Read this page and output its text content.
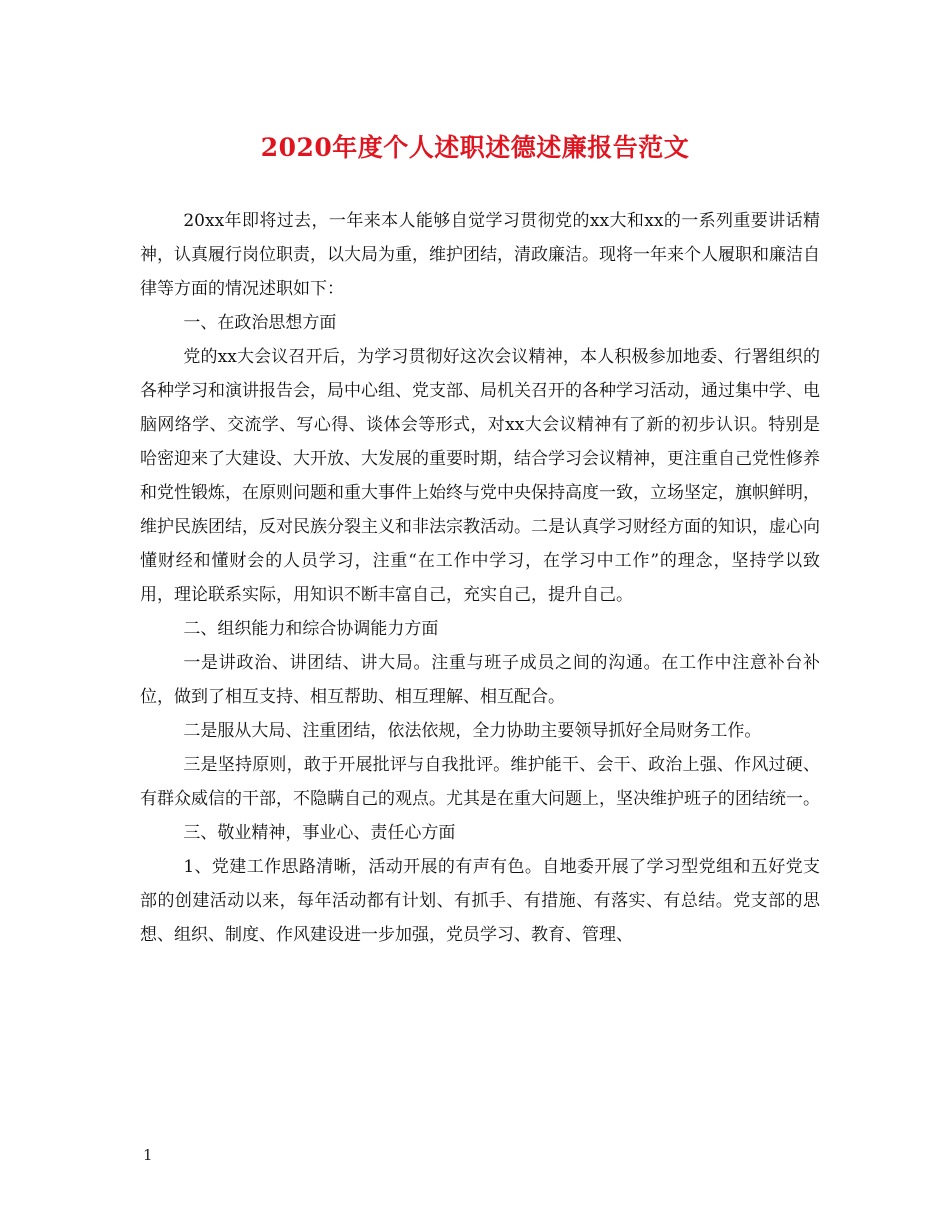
2020年度个人述职述德述廉报告范文

20xx年即将过去，一年来本人能够自觉学习贯彻党的xx大和xx的一系列重要讲话精神，认真履行岗位职责，以大局为重，维护团结，清政廉洁。现将一年来个人履职和廉洁自律等方面的情况述职如下：

一、在政治思想方面

党的xx大会议召开后，为学习贯彻好这次会议精神，本人积极参加地委、行署组织的各种学习和演讲报告会，局中心组、党支部、局机关召开的各种学习活动，通过集中学、电脑网络学、交流学、写心得、谈体会等形式，对xx大会议精神有了新的初步认识。特别是哈密迎来了大建设、大开放、大发展的重要时期，结合学习会议精神，更注重自己党性修养和党性锻炼，在原则问题和重大事件上始终与党中央保持高度一致，立场坚定，旗帜鲜明，维护民族团结，反对民族分裂主义和非法宗教活动。二是认真学习财经方面的知识，虚心向懂财经和懂财会的人员学习，注重“在工作中学习，在学习中工作”的理念，坚持学以致用，理论联系实际，用知识不断丰富自己，充实自己，提升自己。

二、组织能力和综合协调能力方面

一是讲政治、讲团结、讲大局。注重与班子成员之间的沟通。在工作中注意补台补位，做到了相互支持、相互帮助、相互理解、相互配合。

二是服从大局、注重团结，依法依规，全力协助主要领导抓好全局财务工作。

三是坚持原则，敢于开展批评与自我批评。维护能干、会干、政治上强、作风过硬、有群众威信的干部，不隐瞒自己的观点。尤其是在重大问题上，坚决维护班子的团结统一。

三、敬业精神，事业心、责任心方面

1、党建工作思路清晰，活动开展的有声有色。自地委开展了学习型党组和五好党支部的创建活动以来，每年活动都有计划、有抓手、有措施、有落实、有总结。党支部的思想、组织、制度、作风建设进一步加强，党员学习、教育、管理、

1
